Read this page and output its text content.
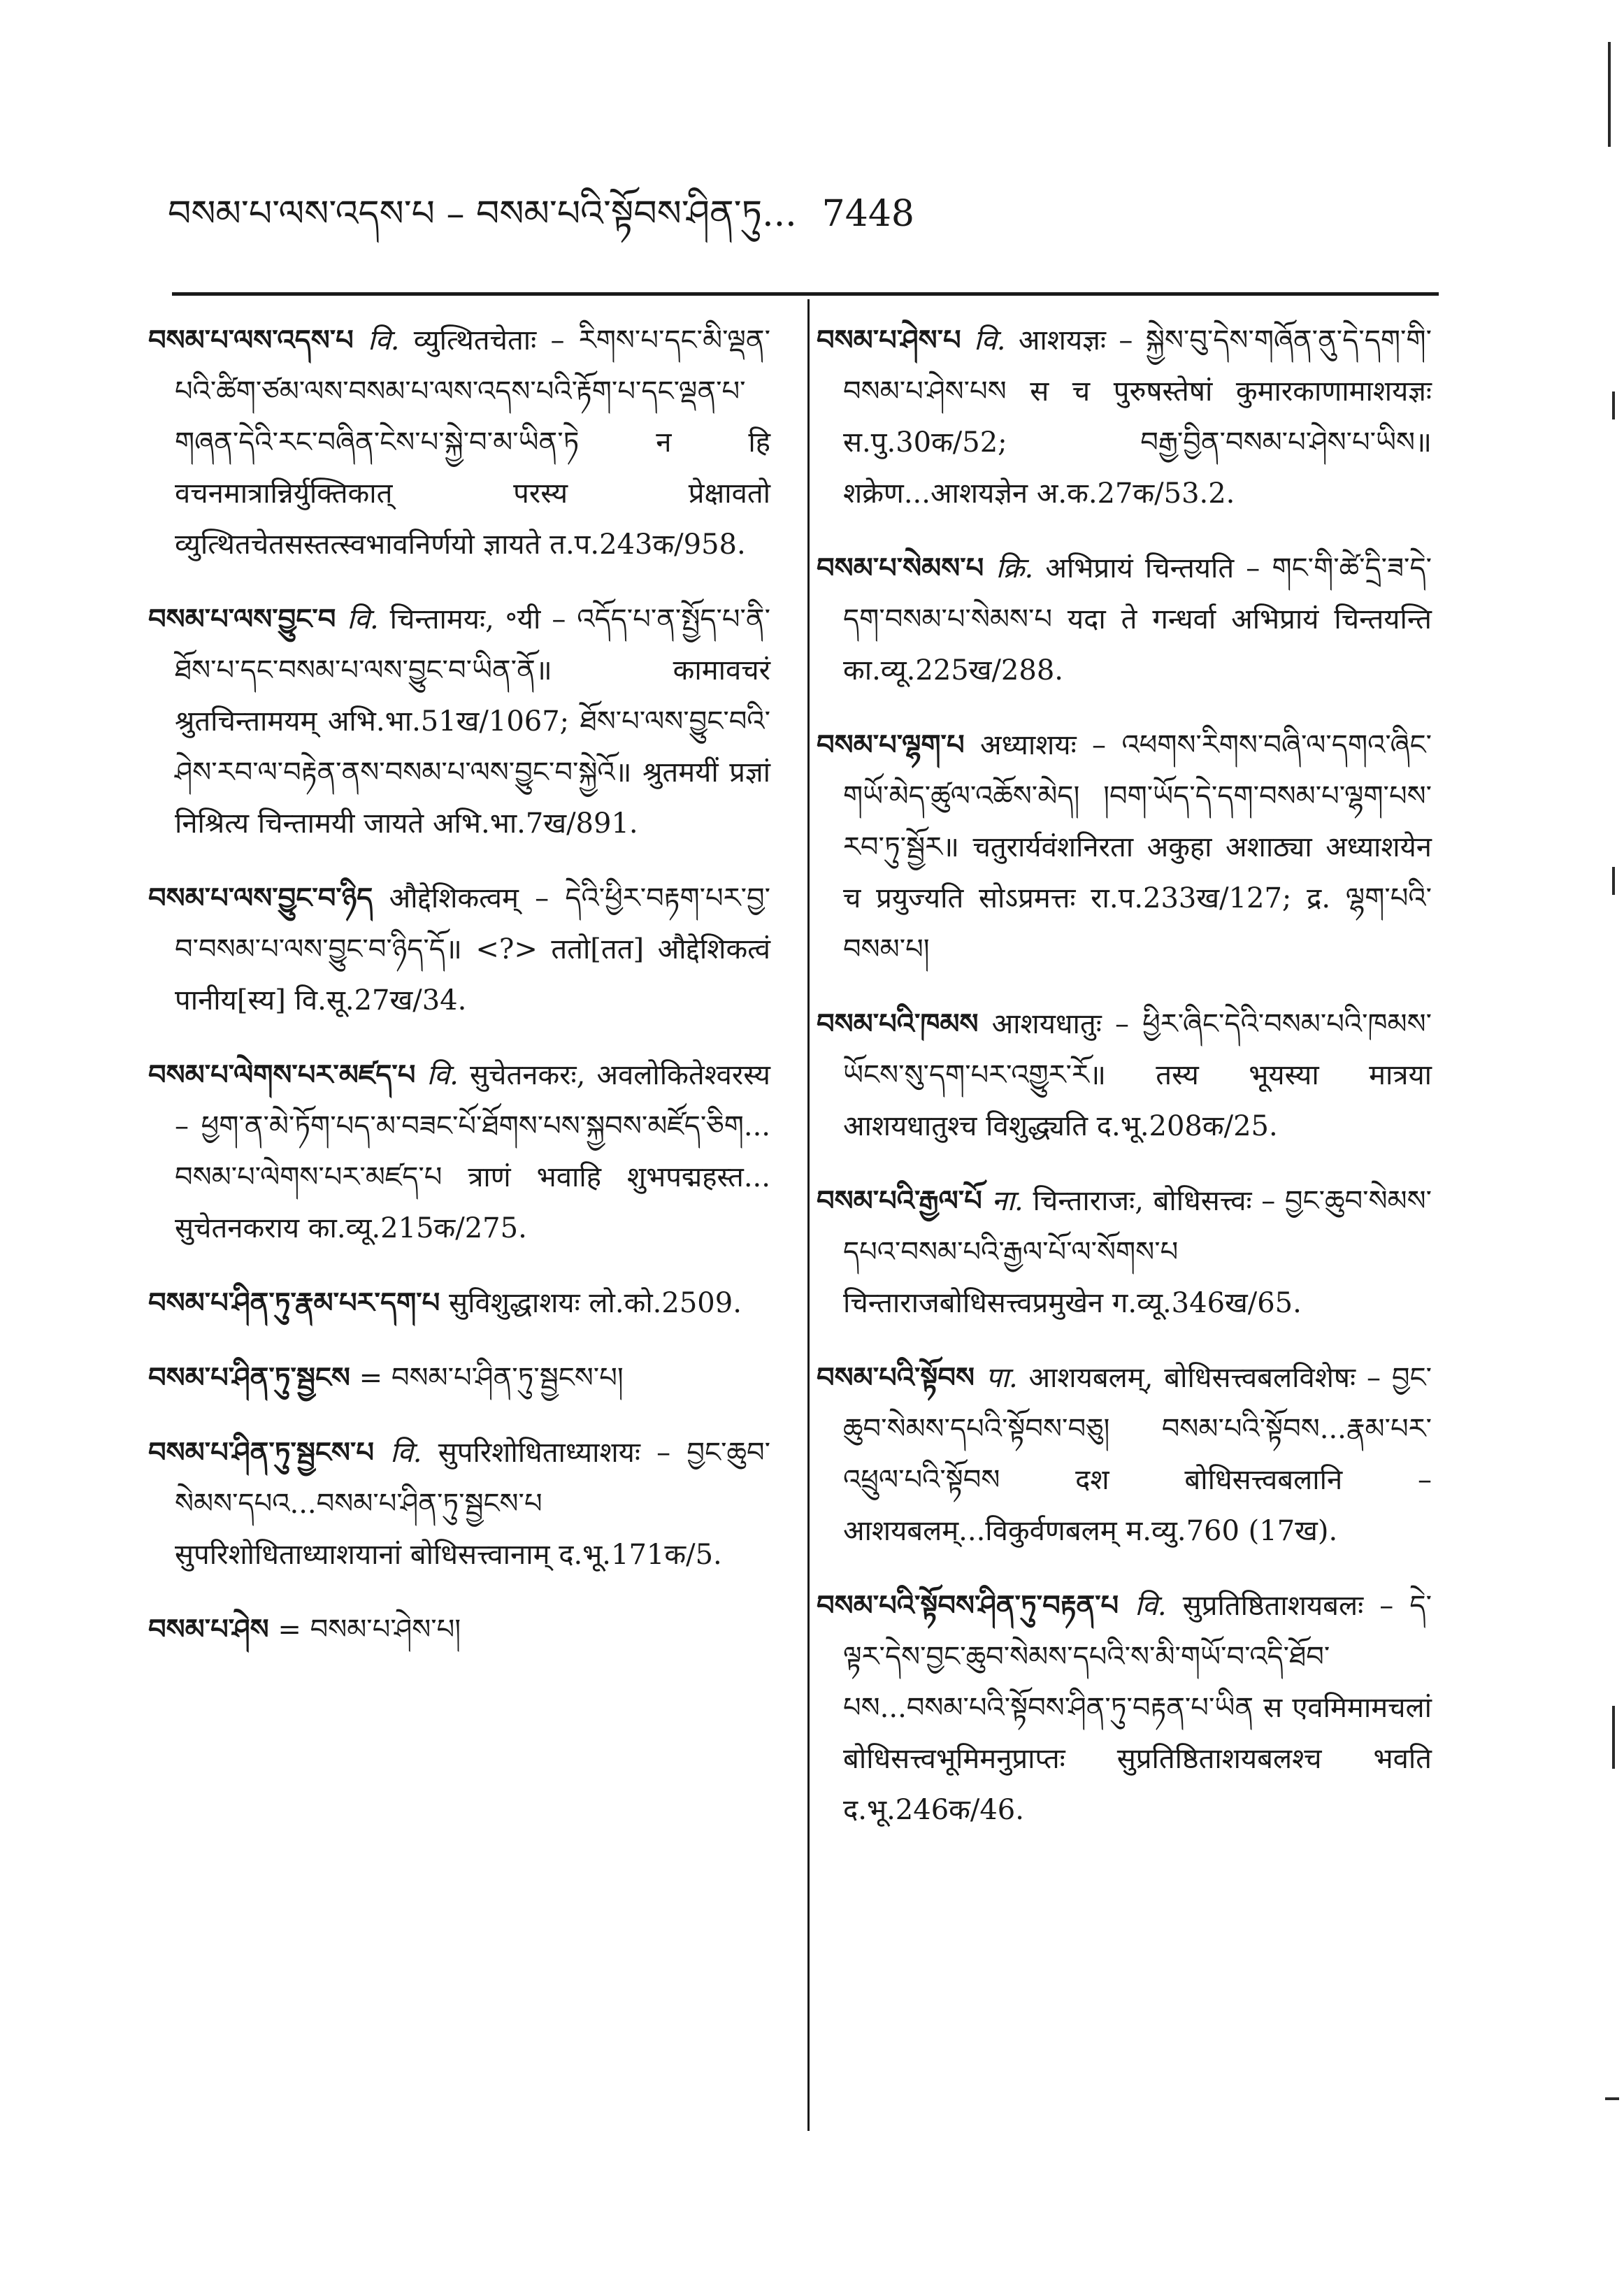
བསམ་པ་ལས་འདས་པ – བསམ་པའི་སྟོབས་ཤིན་ཏུ... 7448

བསམ་པ་ལས་འདས་པ वि. व्युत्थितचेताः – རིགས་པ་དང་མི་ལྡན་པའི་ཚིག་ཙམ་ལས་བསམ་པ་ལས་འདས་པའི་རྟོག་པ་དང་ལྡན་པ་གཞན་དེའི་རང་བཞིན་ངེས་པ་སྐྱེ་བ་མ་ཡིན་ཏེ न हि वचनमात्रान्निर्युक्तिकात् परस्य प्रेक्षावतो व्युत्थितचेतसस्तत्स्वभावनिर्णयो ज्ञायते त.प.243क/958.

བསམ་པ་ལས་བྱུང་བ वि. चिन्तामयः, ॰यी – འདོད་པ་ན་སྤྱོད་པ་ནི་ཐོས་པ་དང་བསམ་པ་ལས་བྱུང་བ་ཡིན་ནོ॥ कामावचरं श्रुतचिन्तामयम् अभि.भा.51ख/1067; ཐོས་པ་ལས་བྱུང་བའི་ཤེས་རབ་ལ་བརྟེན་ནས་བསམ་པ་ལས་བྱུང་བ་སྐྱེའོ॥ श्रुतमयीं प्रज्ञां निश्रित्य चिन्तामयी जायते अभि.भा.7ख/891.

བསམ་པ་ལས་བྱུང་བ་ཉིད औद्देशिकत्वम् – དེའི་ཕྱིར་བརྟག་པར་བྱ་བ་བསམ་པ་ལས་བྱུང་བ་ཉིད་དོ॥ <?> ततो[तत] औद्देशिकत्वं पानीय[स्य] वि.सू.27ख/34.

བསམ་པ་ལེགས་པར་མཛད་པ वि. सुचेतनकरः, अवलोकितेश्वरस्य – ཕྱག་ན་མེ་ཏོག་པད་མ་བཟང་པོ་ཐོགས་པས་སྐྱབས་མཛོད་ཅིག... བསམ་པ་ལེགས་པར་མཛད་པ त्राणं भवाहि शुभपद्महस्त... सुचेतनकराय का.व्यू.215क/275.

བསམ་པ་ཤིན་ཏུ་རྣམ་པར་དག་པ सुविशुद्धाशयः लो.को.2509.

བསམ་པ་ཤིན་ཏུ་སྦྱངས = བསམ་པ་ཤིན་ཏུ་སྦྱངས་པ།

བསམ་པ་ཤིན་ཏུ་སྦྱངས་པ वि. सुपरिशोधिताध्याशयः – བྱང་ཆུབ་སེམས་དཔའ...བསམ་པ་ཤིན་ཏུ་སྦྱངས་པ सुपरिशोधिताध्याशयानां बोधिसत्त्वानाम् द.भू.171क/5.

བསམ་པ་ཤེས = བསམ་པ་ཤེས་པ།

བསམ་པ་ཤེས་པ वि. आशयज्ञः – སྐྱེས་བུ་དེས་གཞོན་ནུ་དེ་དག་གི་བསམ་པ་ཤེས་པས स च पुरुषस्तेषां कुमारकाणामाशयज्ञः स.पु.30क/52; བརྒྱ་བྱིན་བསམ་པ་ཤེས་པ་ཡིས॥ शक्रेण...आशयज्ञेन अ.क.27क/53.2.

བསམ་པ་སེམས་པ क्रि. अभिप्रायं चिन्तयति – གང་གི་ཚེ་དྲི་ཟ་དེ་དག་བསམ་པ་སེམས་པ यदा ते गन्धर्वा अभिप्रायं चिन्तयन्ति का.व्यू.225ख/288.

བསམ་པ་ལྷག་པ अध्याशयः – འཕགས་རིགས་བཞི་ལ་དགའ་ཞིང་གཡོ་མེད་ཚུལ་འཆོས་མེད། །བག་ཡོད་དེ་དག་བསམ་པ་ལྷག་པས་རབ་ཏུ་སྦྱོར॥ चतुरार्यवंशनिरता अकुहा अशाठ्या अध्याशयेन च प्रयुज्यति सोऽप्रमत्तः रा.प.233ख/127; द्र. ལྷག་པའི་བསམ་པ།

བསམ་པའི་ཁམས आशयधातुः – ཕྱིར་ཞིང་དེའི་བསམ་པའི་ཁམས་ཡོངས་སུ་དག་པར་འགྱུར་རོ॥ तस्य भूयस्या मात्रया आशयधातुश्च विशुद्ध्यति द.भू.208क/25.

བསམ་པའི་རྒྱལ་པོ ना. चिन्ताराजः, बोधिसत्त्वः – བྱང་ཆུབ་སེམས་དཔའ་བསམ་པའི་རྒྱལ་པོ་ལ་སོགས་པ चिन्ताराजबोधिसत्त्वप्रमुखेन ग.व्यू.346ख/65.

བསམ་པའི་སྟོབས पा. आशयबलम्, बोधिसत्त्वबलविशेषः – བྱང་ཆུབ་སེམས་དཔའི་སྟོབས་བཅུ། བསམ་པའི་སྟོབས...རྣམ་པར་འཕྲུལ་པའི་སྟོབས दश बोधिसत्त्वबलानि – आशयबलम्...विकुर्वणबलम् म.व्यु.760 (17ख).

བསམ་པའི་སྟོབས་ཤིན་ཏུ་བརྟན་པ वि. सुप्रतिष्ठिताशयबलः – དེ་ལྟར་དེས་བྱང་ཆུབ་སེམས་དཔའི་ས་མི་གཡོ་བ་འདི་ཐོབ་པས...བསམ་པའི་སྟོབས་ཤིན་ཏུ་བརྟན་པ་ཡིན स एवमिमामचलां बोधिसत्त्वभूमिमनुप्राप्तः सुप्रतिष्ठिताशयबलश्च भवति द.भू.246क/46.
